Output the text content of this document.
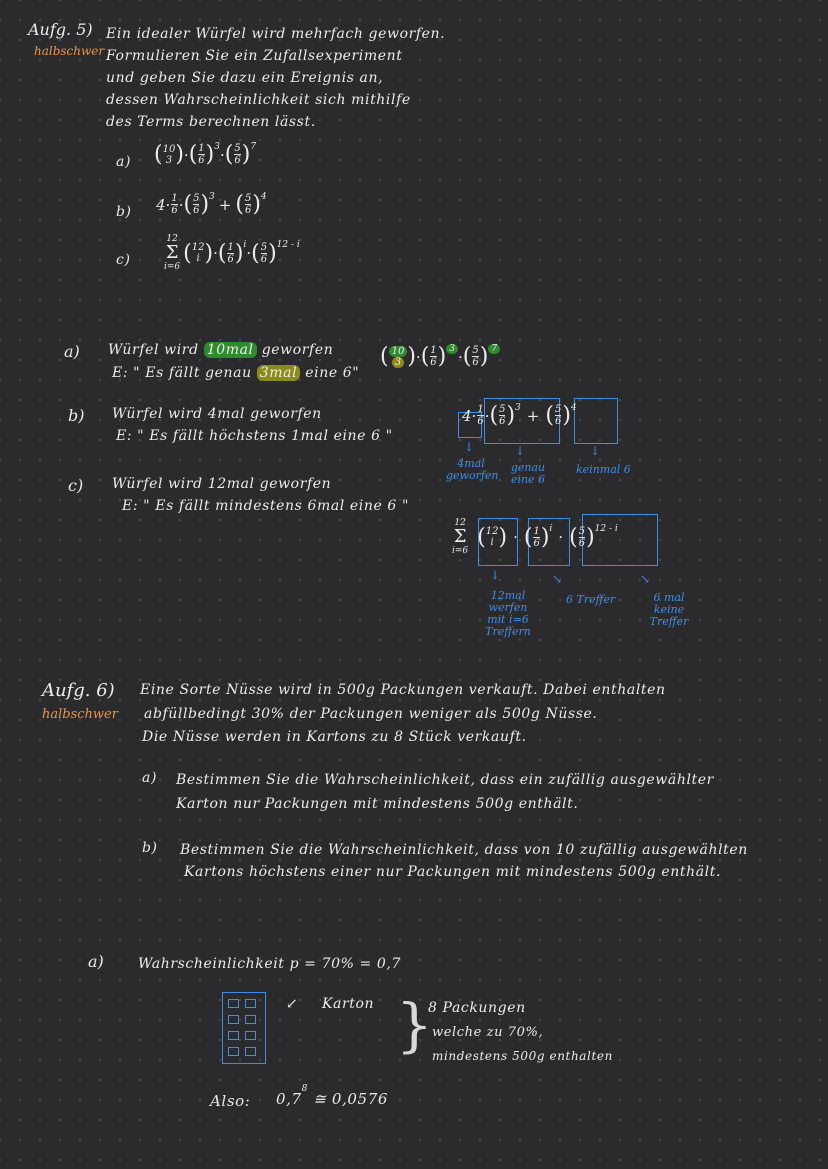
Aufg. 5)
halbschwer
Ein idealer Würfel wird mehrfach geworfen.
Formulieren Sie ein Zufallsexperiment
und geben Sie dazu ein Ereignis an,
dessen Wahrscheinlichkeit sich mithilfe
des Terms berechnen lässt.
a) ( 10
3 ) · ( $\frac{1}{6}$ ) 3 · ( $\frac{5}{6}$ ) 7
b) $4 \cdot \frac{1}{6}$ · ( $\frac{5}{6}$ ) 3 + ( $\frac{5}{6}$ ) 4
c)
12
Σ
i=6
( 12
i ) · ( $\frac{1}{6}$ ) i · ( $\frac{5}{6}$ ) 12 - i
a) Würfel wird 10mal geworfen
E: " Es fällt genau 3mal eine 6"
( 10
3 ) · ( $\frac{1}{6}$ ) 3 · ( $\frac{5}{6}$ ) 7
b) Würfel wird 4mal geworfen
E: " Es fällt höchstens 1mal eine 6 "
$4 \cdot \frac{1}{6}$ · ( $\frac{5}{6}$ ) 3 + ( $\frac{5}{6}$ ) 4
↓	↓	↓
4mal geworfen
genau eine 6
keinmal 6
c) Würfel wird 12mal geworfen
E: " Es fällt mindestens 6mal eine 6 "
12
Σ
i=6
( 12
i ) · ( $\frac{1}{6}$ ) i · ( $\frac{5}{6}$ ) 12 - i
↓	↘	↘
12mal werfen mit i=6 Treffern
6 Treffer	6 mal keine Treffer
Aufg. 6)
halbschwer
Eine Sorte Nüsse wird in 500g Packungen verkauft. Dabei enthalten
abfüllbedingt 30% der Packungen weniger als 500g Nüsse.
Die Nüsse werden in Kartons zu 8 Stück verkauft.
a) Bestimmen Sie die Wahrscheinlichkeit, dass ein zufällig ausgewählter
Karton nur Packungen mit mindestens 500g enthält.
b) Bestimmen Sie die Wahrscheinlichkeit, dass von 10 zufällig ausgewählten
Kartons höchstens einer nur Packungen mit mindestens 500g enthält.
a) Wahrscheinlichkeit p = 70% = 0,7
↙ Karton }
8 Packungen
welche zu 70%,
mindestens 500g enthalten
Also: $0,7^8$ ≅ 0,0576
